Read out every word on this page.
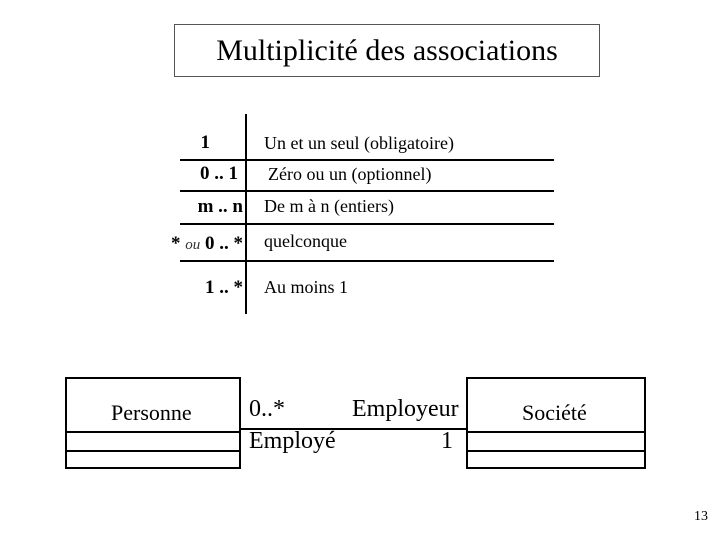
Multiplicité des associations
1	Un et un seul (obligatoire)
0 .. 1 Zéro ou un (optionnel)
m .. n De m à n (entiers)
* ou 0 .. * quelconque
1 .. * Au moins 1
Personne	Société
0..*
Employé
Employeur
1
13
